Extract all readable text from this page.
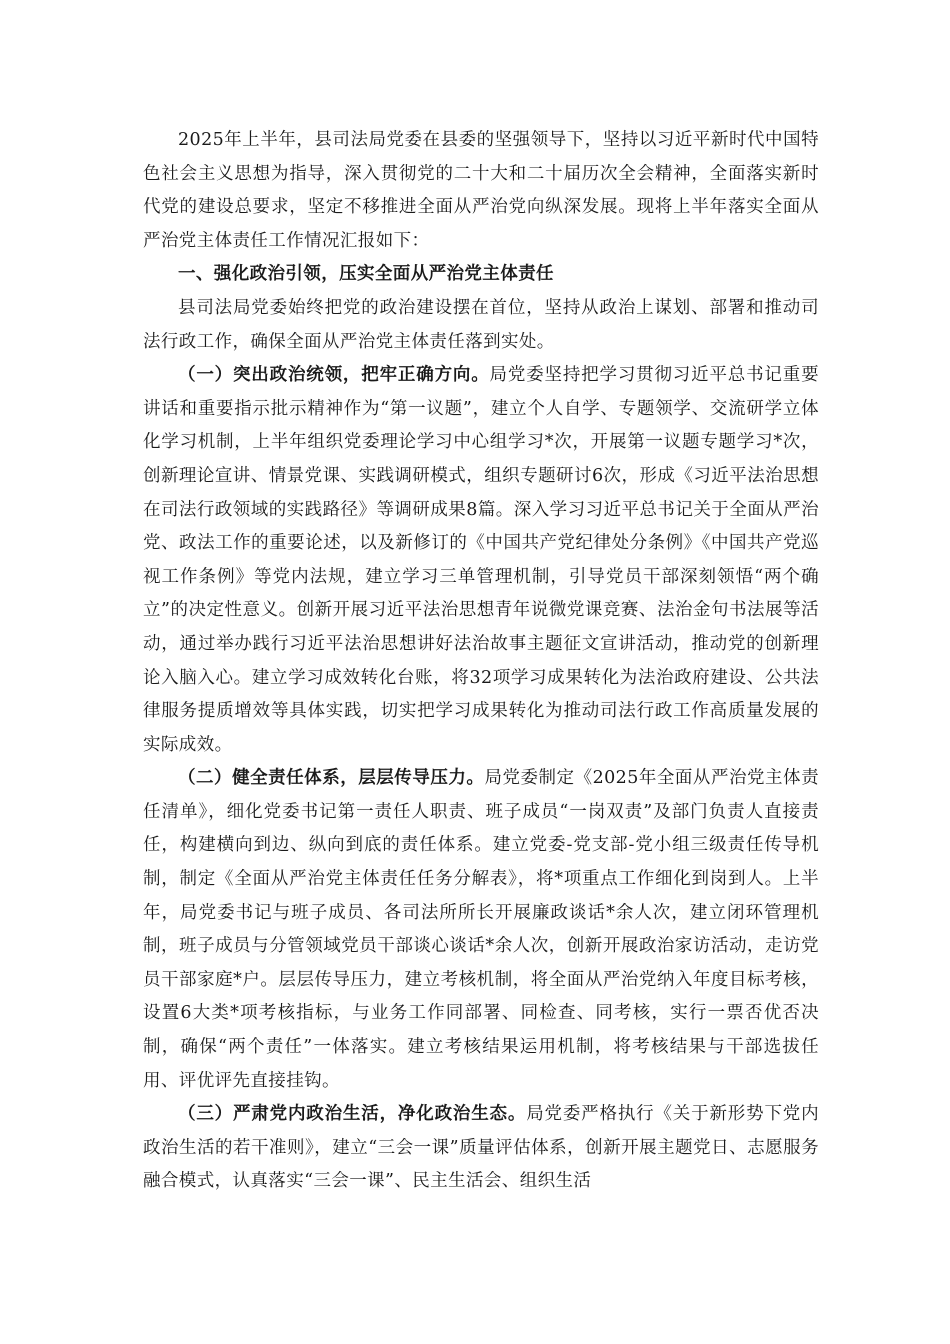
2025年上半年，县司法局党委在县委的坚强领导下，坚持以习近平新时代中国特色社会主义思想为指导，深入贯彻党的二十大和二十届历次全会精神，全面落实新时代党的建设总要求，坚定不移推进全面从严治党向纵深发展。现将上半年落实全面从严治党主体责任工作情况汇报如下：

一、强化政治引领，压实全面从严治党主体责任

县司法局党委始终把党的政治建设摆在首位，坚持从政治上谋划、部署和推动司法行政工作，确保全面从严治党主体责任落到实处。

（一）突出政治统领，把牢正确方向。局党委坚持把学习贯彻习近平总书记重要讲话和重要指示批示精神作为“第一议题”，建立个人自学、专题领学、交流研学立体化学习机制，上半年组织党委理论学习中心组学习*次，开展第一议题专题学习*次，创新理论宣讲、情景党课、实践调研模式，组织专题研讨6次，形成《习近平法治思想在司法行政领域的实践路径》等调研成果8篇。深入学习习近平总书记关于全面从严治党、政法工作的重要论述，以及新修订的《中国共产党纪律处分条例》《中国共产党巡视工作条例》等党内法规，建立学习三单管理机制，引导党员干部深刻领悟“两个确立”的决定性意义。创新开展习近平法治思想青年说微党课竞赛、法治金句书法展等活动，通过举办践行习近平法治思想讲好法治故事主题征文宣讲活动，推动党的创新理论入脑入心。建立学习成效转化台账，将32项学习成果转化为法治政府建设、公共法律服务提质增效等具体实践，切实把学习成果转化为推动司法行政工作高质量发展的实际成效。

（二）健全责任体系，层层传导压力。局党委制定《2025年全面从严治党主体责任清单》，细化党委书记第一责任人职责、班子成员“一岗双责”及部门负责人直接责任，构建横向到边、纵向到底的责任体系。建立党委-党支部-党小组三级责任传导机制，制定《全面从严治党主体责任任务分解表》，将*项重点工作细化到岗到人。上半年，局党委书记与班子成员、各司法所所长开展廉政谈话*余人次，建立闭环管理机制，班子成员与分管领域党员干部谈心谈话*余人次，创新开展政治家访活动，走访党员干部家庭*户。层层传导压力，建立考核机制，将全面从严治党纳入年度目标考核，设置6大类*项考核指标，与业务工作同部署、同检查、同考核，实行一票否优否决制，确保“两个责任”一体落实。建立考核结果运用机制，将考核结果与干部选拔任用、评优评先直接挂钩。

（三）严肃党内政治生活，净化政治生态。局党委严格执行《关于新形势下党内政治生活的若干准则》，建立“三会一课”质量评估体系，创新开展主题党日、志愿服务融合模式，认真落实“三会一课”、民主生活会、组织生活
